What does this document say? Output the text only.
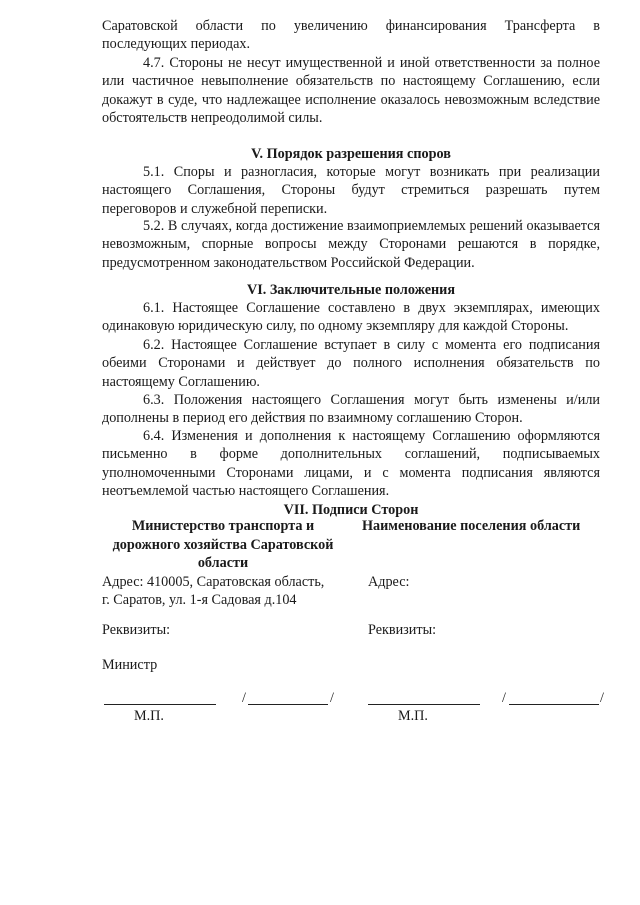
Саратовской области по увеличению финансирования Трансферта в последующих периодах.

4.7. Стороны не несут имущественной и иной ответственности за полное или частичное невыполнение обязательств по настоящему Соглашению, если докажут в суде, что надлежащее исполнение оказалось невозможным вследствие обстоятельств непреодолимой силы.

V. Порядок разрешения споров

5.1. Споры и разногласия, которые могут возникать при реализации настоящего Соглашения, Стороны будут стремиться разрешать путем переговоров и служебной переписки.

5.2. В случаях, когда достижение взаимоприемлемых решений оказывается невозможным, спорные вопросы между Сторонами решаются в порядке, предусмотренном законодательством Российской Федерации.

VI. Заключительные положения

6.1. Настоящее Соглашение составлено в двух экземплярах, имеющих одинаковую юридическую силу, по одному экземпляру для каждой Стороны.

6.2. Настоящее Соглашение вступает в силу с момента его подписания обеими Сторонами и действует до полного исполнения обязательств по настоящему Соглашению.

6.3. Положения настоящего Соглашения могут быть изменены и/или дополнены в период его действия по взаимному соглашению Сторон.

6.4. Изменения и дополнения к настоящему Соглашению оформляются письменно в форме дополнительных соглашений, подписываемых уполномоченными Сторонами лицами, и с момента подписания являются неотъемлемой частью настоящего Соглашения.

VII. Подписи Сторон
Министерство транспорта и дорожного хозяйства Саратовской области
Адрес: 410005, Саратовская область,
г. Саратов, ул. 1-я Садовая д.104
Реквизиты:
Министр
/	/
М.П.
Наименование поселения области
Адрес:
Реквизиты:
/	/
М.П.
